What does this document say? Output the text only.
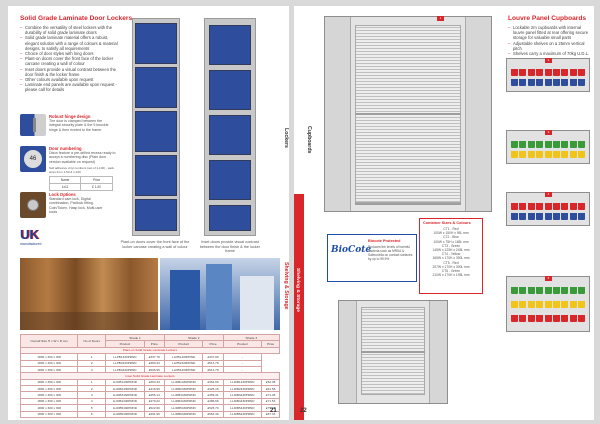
Solid Grade Laminate Door Lockers
– Combine the versatility of steel lockers with the durability of solid grade laminate doors
– Solid grade laminate material offers a robust, elegant solution with a range of colours & material designs, to satisfy all requirements
– Choice of door styles with long doors
– Plant-on doors cover the front face of the locker carcase creating a wall of colour
– Inset doors provide a visual contrast between the door finish & the locker frame
– Other colours available upon request
– Laminate end panels are available upon request - please call for details
Robust hinge design
The door is clamped between the integral security plate & the 5 knuckle hinge & then riveted to the frame.
46
Door numbering
Discs feature a pre-drilled recess ready to accept a numbering disc (Plain door version available on request)
Self adhesive vinyl numbers (set of 1-100) - pack sizes from 1-50 & 1-100
Name	Price
1x11	£ 1.00
Lock Options
Standard cam lock, Digital combination, Padlock fitting, Coin/Token, Hasp lock. Multi-user locks
UK
manufactured	Plant-on doors cover the front face of the locker carcase creating a wall of colour
Inset doors provide visual contrast between the door finish & the locker frame
Overall Size H x W x D mm	No of Doors	Shade 1		Shade 2		Shade 3	
		Product	Price	Product	Price	Product	Price
Plant-on Solid Grade Laminate Lockers							
1800 x 300 x 300	1	LLPB1430PRND	£337.79	LLPB1430PRND	£337.89	-	
1800 x 300 x 300	2	LLPB2430PRND	£380.43	LLPB2430PRND	£513.78	-	
1800 x 300 x 300	4	LLPB4430PRND	£506.95	LLPB4430PRND	£513.78	-	
Inset Solid Grade Laminate Lockers							
1800 x 300 x 300	1	LLIDB1430PRND	£363.33	LLIDB1430PRND	£364.66	LLIDB1430PRND	£52.45
1800 x 300 x 300	2	LLIDB2430PRND	£418.96	LLIDB2430PRND	£425.16	LLIDB2430PRND	£61.58
1800 x 300 x 300	3	LLIDB3430PRND	£456.14	LLIDB3430PRND	£459.41	LLIDB3430PRND	£71.46
1800 x 300 x 300	4	LLIDB4430PRND	£479.22	LLIDB4430PRND	£486.56	LLIDB4430PRND	£71.53
1800 x 300 x 300	5	LLIDB5430PRND	£522.96	LLIDB5430PRND	£525.70	LLIDB5430PRND	£75.08
1800 x 300 x 300	6	LLIDB6430PRND	£491.96	LLIDB6430PRND	£563.40	LLIDB6430PRND	£87.33
21
Lockers
Shelving & Storage
Cupboards
Shelving & Storage
Louvre Panel Cupboards
– Lockable 2m cupboards with internal louvre panel fitted at rear offering secure storage for valuable small parts
– Adjustable shelves on a 25mm vertical pitch
– Shelves carry a maximum of 70kg U.D.L.
1
2
3
4
5
BioCote
Biocote Protected
Reduces the levels of harmful bacteria such as MRSA & Salmonella on contact surfaces by up to 99.9%
Container Sizes & Colours
CT1 - Red
100W x 150H x 95L mm
CT2 - Blue
100W x 75H x 165L mm
CT3 - Green
145W x 125H x 245L mm
CT4 - Yellow
165W x 170H x 390L mm
CT5 - Red
207W x 170H x 390L mm
CT6 - Green
210W x 170H x 195L mm
22
